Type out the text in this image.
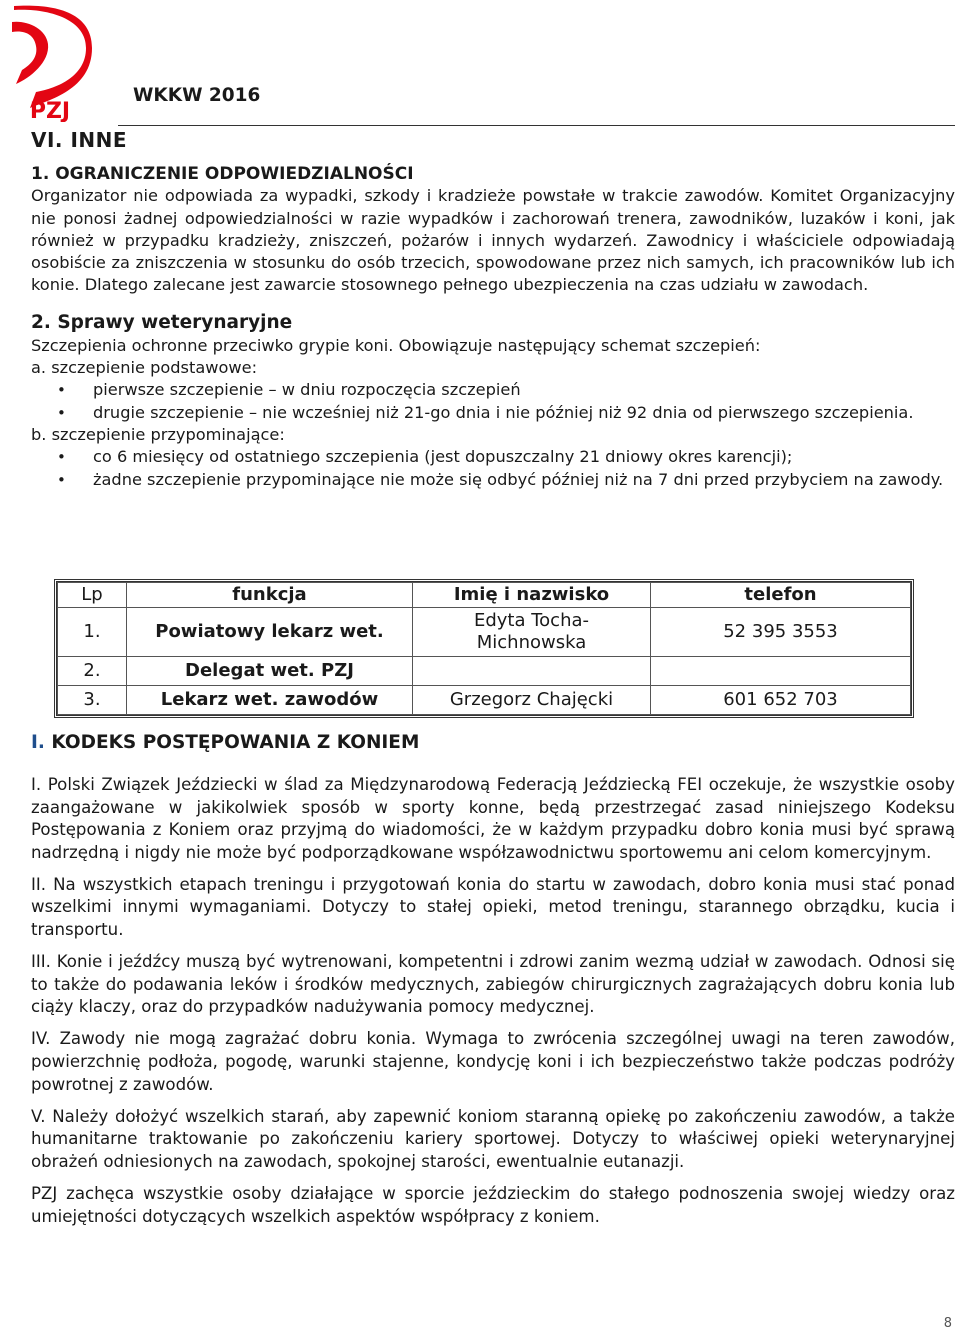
PZJ
WKKW 2016
VI. INNE

1. OGRANICZENIE ODPOWIEDZIALNOŚCI

Organizator nie odpowiada za wypadki, szkody i kradzieże powstałe w trakcie zawodów. Komitet Organizacyjny nie ponosi żadnej odpowiedzialności w razie wypadków i zachorowań trenera, zawodników, luzaków i koni, jak również w przypadku kradzieży, zniszczeń, pożarów i innych wydarzeń. Zawodnicy i właściciele odpowiadają osobiście za zniszczenia w stosunku do osób trzecich, spowodowane przez nich samych, ich pracowników lub ich konie. Dlatego zalecane jest zawarcie stosownego pełnego ubezpieczenia na czas udziału w zawodach.

2. Sprawy weterynaryjne

Szczepienia ochronne przeciwko grypie koni. Obowiązuje następujący schemat szczepień:

a. szczepienie podstawowe:

• pierwsze szczepienie – w dniu rozpoczęcia szczepień
• drugie szczepienie – nie wcześniej niż 21-go dnia i nie później niż 92 dnia od pierwszego szczepienia.

b. szczepienie przypominające:

• co 6 miesięcy od ostatniego szczepienia (jest dopuszczalny 21 dniowy okres karencji);
• żadne szczepienie przypominające nie może się odbyć później niż na 7 dni przed przybyciem na zawody.
Lp	funkcja	Imię i nazwisko	telefon
1.	Powiatowy lekarz wet.	Edyta Tocha-
Michnowska	52 395 3553
2.	Delegat wet. PZJ		
3.	Lekarz wet. zawodów	Grzegorz Chajęcki	601 652 703
I. KODEKS POSTĘPOWANIA Z KONIEM

I. Polski Związek Jeździecki w ślad za Międzynarodową Federacją Jeździecką FEI oczekuje, że wszystkie osoby zaangażowane w jakikolwiek sposób w sporty konne, będą przestrzegać zasad niniejszego Kodeksu Postępowania z Koniem oraz przyjmą do wiadomości, że w każdym przypadku dobro konia musi być sprawą nadrzędną i nigdy nie może być podporządkowane współzawodnictwu sportowemu ani celom komercyjnym.

II. Na wszystkich etapach treningu i przygotowań konia do startu w zawodach, dobro konia musi stać ponad wszelkimi innymi wymaganiami. Dotyczy to stałej opieki, metod treningu, starannego obrządku, kucia i transportu.

III. Konie i jeźdźcy muszą być wytrenowani, kompetentni i zdrowi zanim wezmą udział w zawodach. Odnosi się to także do podawania leków i środków medycznych, zabiegów chirurgicznych zagrażających dobru konia lub ciąży klaczy, oraz do przypadków nadużywania pomocy medycznej.

IV. Zawody nie mogą zagrażać dobru konia. Wymaga to zwrócenia szczególnej uwagi na teren zawodów, powierzchnię podłoża, pogodę, warunki stajenne, kondycję koni i ich bezpieczeństwo także podczas podróży powrotnej z zawodów.

V. Należy dołożyć wszelkich starań, aby zapewnić koniom staranną opiekę po zakończeniu zawodów, a także humanitarne traktowanie po zakończeniu kariery sportowej. Dotyczy to właściwej opieki weterynaryjnej obrażeń odniesionych na zawodach, spokojnej starości, ewentualnie eutanazji.

PZJ zachęca wszystkie osoby działające w sporcie jeździeckim do stałego podnoszenia swojej wiedzy oraz umiejętności dotyczących wszelkich aspektów współpracy z koniem.

8
